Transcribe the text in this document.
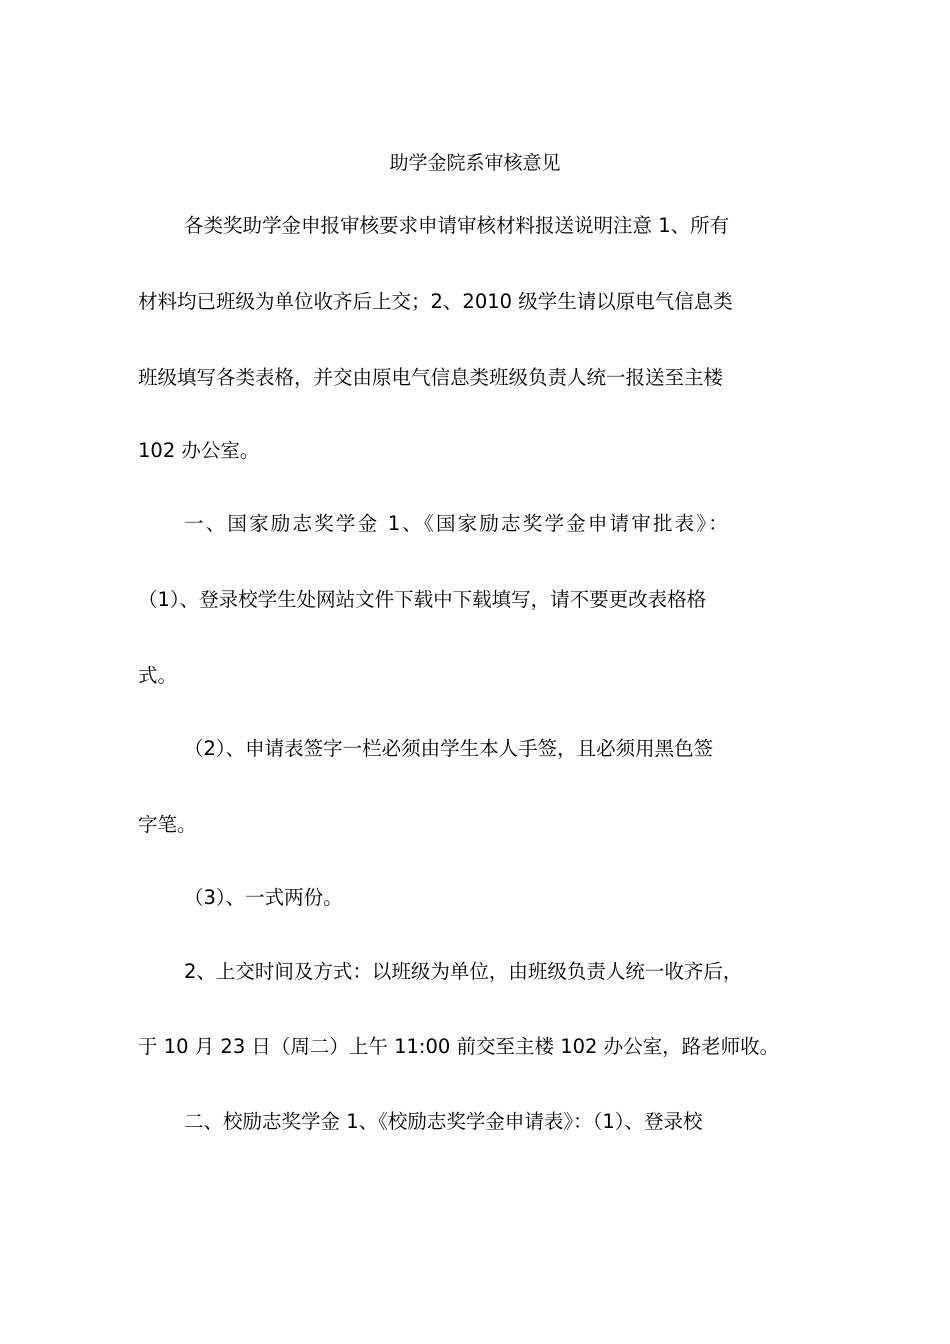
助学金院系审核意见
各类奖助学金申报审核要求申请审核材料报送说明注意 1、所有
材料均已班级为单位收齐后上交；2、2010 级学生请以原电气信息类
班级填写各类表格，并交由原电气信息类班级负责人统一报送至主楼
102 办公室。
一、国家励志奖学金 1、《国家励志奖学金申请审批表》：
（1）、登录校学生处网站文件下载中下载填写，请不要更改表格格
式。
（2）、申请表签字一栏必须由学生本人手签，且必须用黑色签
字笔。
（3）、一式两份。
2、上交时间及方式：以班级为单位，由班级负责人统一收齐后，
于 10 月 23 日（周二）上午 11:00 前交至主楼 102 办公室，路老师收。
二、校励志奖学金 1、《校励志奖学金申请表》：（1）、登录校
